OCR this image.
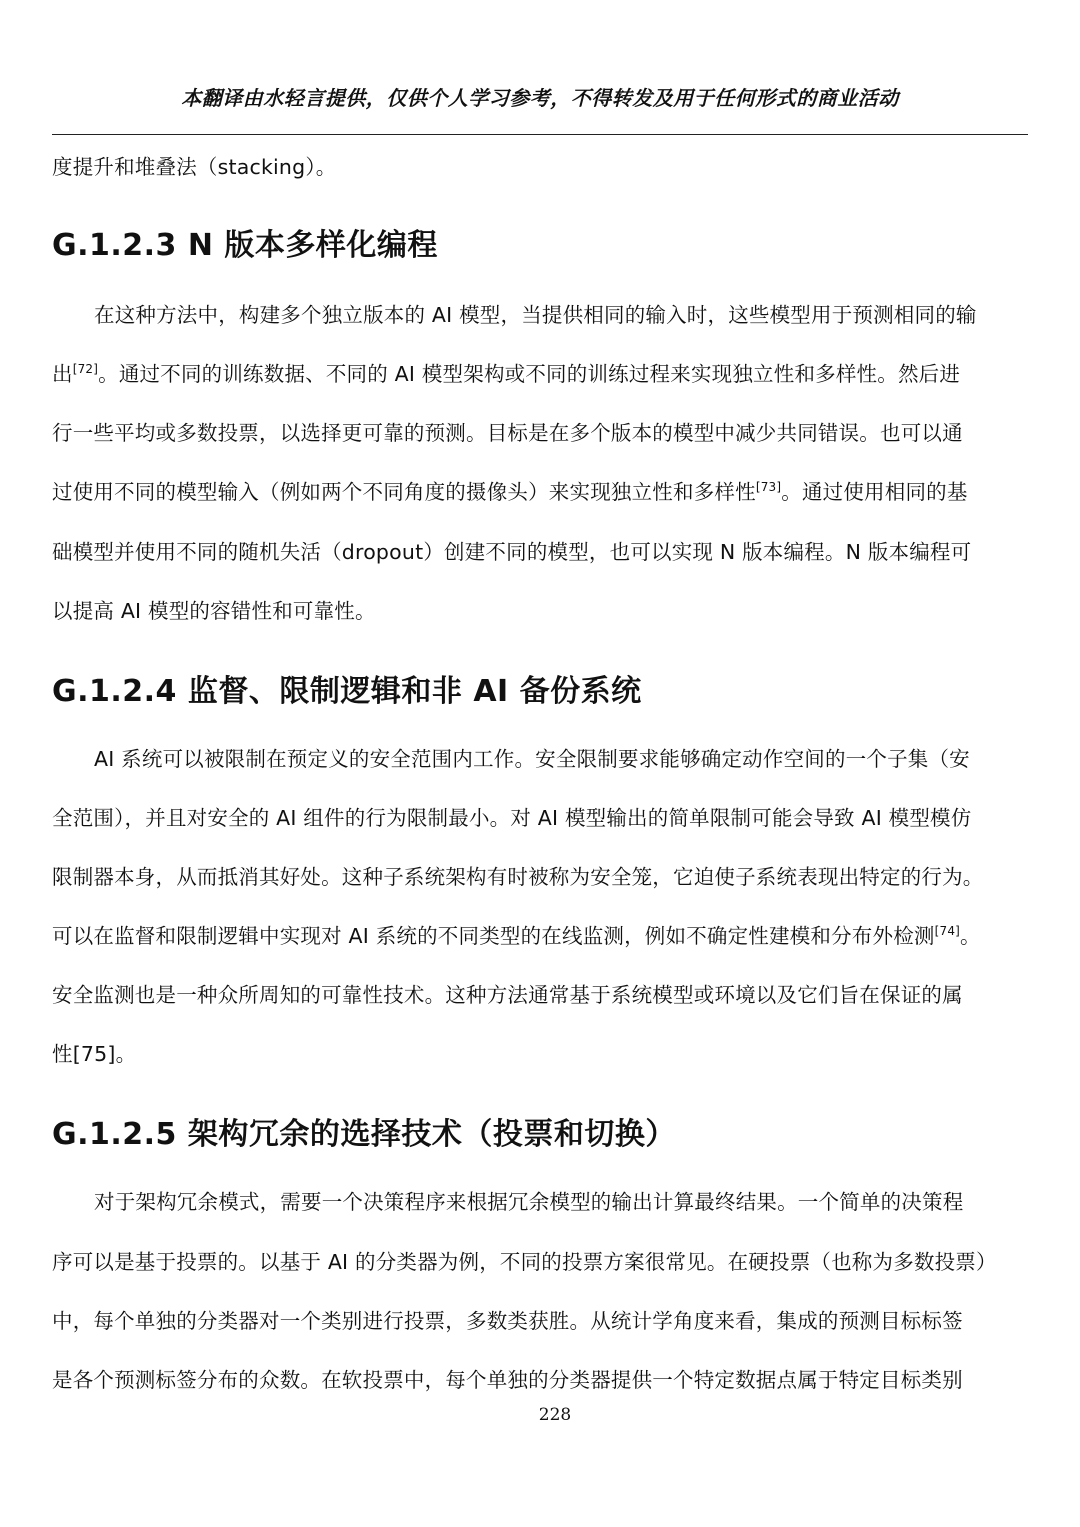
本翻译由水轻言提供，仅供个人学习参考，不得转发及用于任何形式的商业活动
度提升和堆叠法（stacking）。
G.1.2.3 N 版本多样化编程
在这种方法中，构建多个独立版本的 AI 模型，当提供相同的输入时，这些模型用于预测相同的输
出[72]。通过不同的训练数据、不同的 AI 模型架构或不同的训练过程来实现独立性和多样性。然后进
行一些平均或多数投票，以选择更可靠的预测。目标是在多个版本的模型中减少共同错误。也可以通
过使用不同的模型输入（例如两个不同角度的摄像头）来实现独立性和多样性[73]。通过使用相同的基
础模型并使用不同的随机失活（dropout）创建不同的模型，也可以实现 N 版本编程。N 版本编程可
以提高 AI 模型的容错性和可靠性。
G.1.2.4 监督、限制逻辑和非 AI 备份系统
AI 系统可以被限制在预定义的安全范围内工作。安全限制要求能够确定动作空间的一个子集（安
全范围），并且对安全的 AI 组件的行为限制最小。对 AI 模型输出的简单限制可能会导致 AI 模型模仿
限制器本身，从而抵消其好处。这种子系统架构有时被称为安全笼，它迫使子系统表现出特定的行为。
可以在监督和限制逻辑中实现对 AI 系统的不同类型的在线监测，例如不确定性建模和分布外检测[74]。
安全监测也是一种众所周知的可靠性技术。这种方法通常基于系统模型或环境以及它们旨在保证的属
性[75]。
G.1.2.5 架构冗余的选择技术（投票和切换）
对于架构冗余模式，需要一个决策程序来根据冗余模型的输出计算最终结果。一个简单的决策程
序可以是基于投票的。以基于 AI 的分类器为例，不同的投票方案很常见。在硬投票（也称为多数投票）
中，每个单独的分类器对一个类别进行投票，多数类获胜。从统计学角度来看，集成的预测目标标签
是各个预测标签分布的众数。在软投票中，每个单独的分类器提供一个特定数据点属于特定目标类别
228
